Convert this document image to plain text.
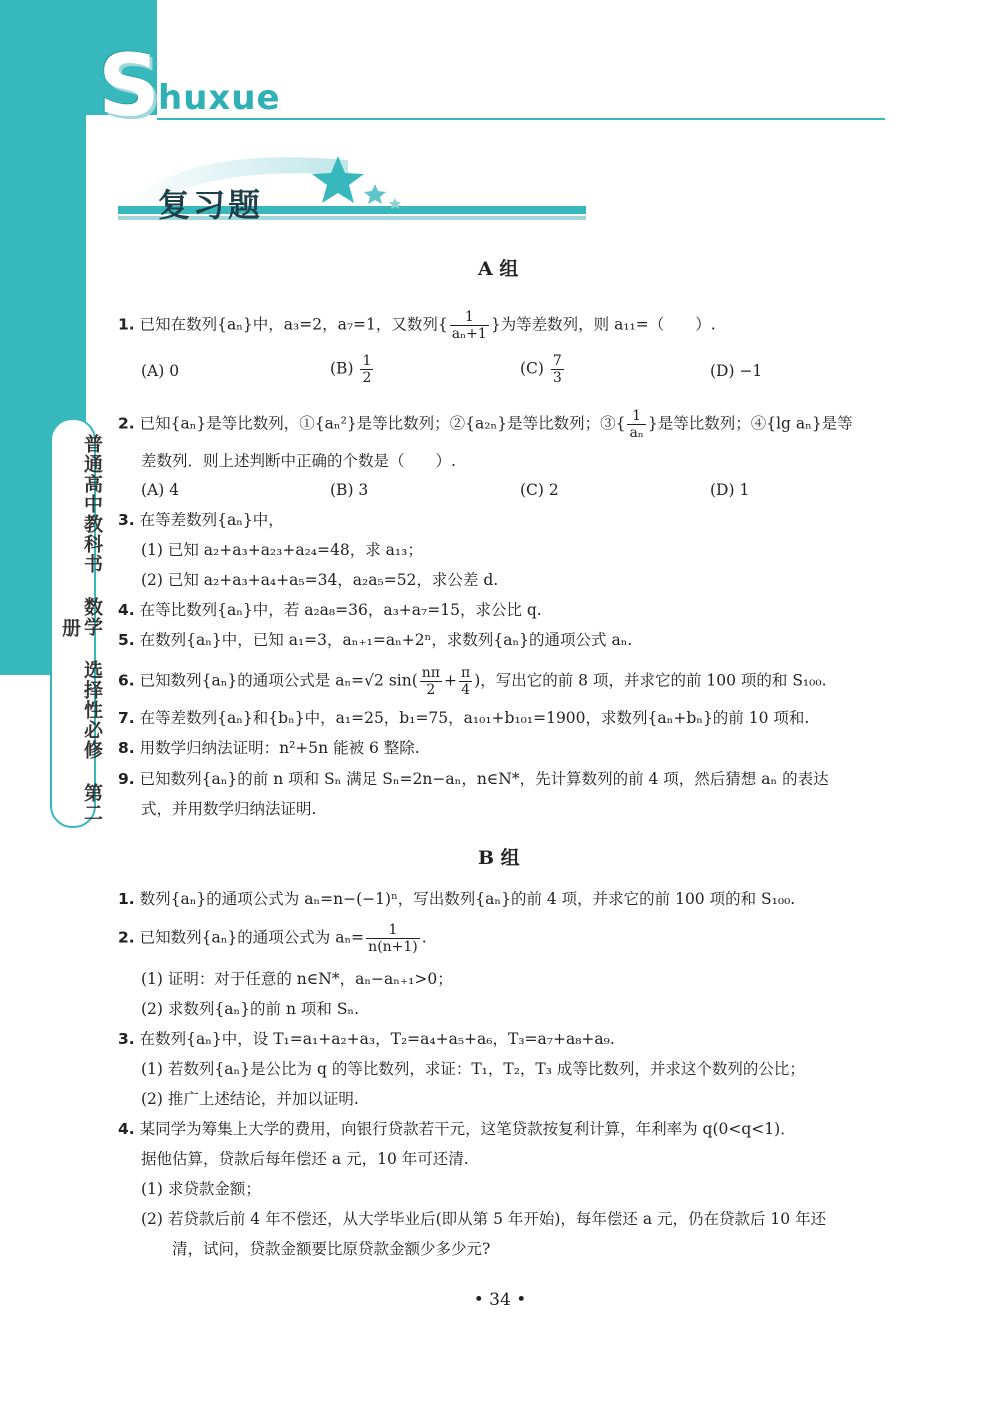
S
huxue
复习题
普通高中教科书 数学 选择性必修 第二册
A 组
1. 已知在数列{aₙ}中，a₃=2，a₇=1，又数列{ $\frac{1}{\text{aₙ+1}}$ }为等差数列，则 a₁₁=（　　）.
(A) 0	$(B) \frac{1}{2}$	$(C) \frac{7}{3}$	(D) −1
2. 已知{aₙ}是等比数列，①{aₙ²}是等比数列；②{a₂ₙ}是等比数列；③{ $\frac{1}{\text{aₙ}}$ }是等比数列；④{lg aₙ}是等
差数列．则上述判断中正确的个数是（　　）.
(A) 4	(B) 3	(C) 2	(D) 1
3. 在等差数列{aₙ}中，
(1) 已知 a₂+a₃+a₂₃+a₂₄=48，求 a₁₃；
(2) 已知 a₂+a₃+a₄+a₅=34，a₂a₅=52，求公差 d.
4. 在等比数列{aₙ}中，若 a₂a₈=36，a₃+a₇=15，求公比 q.
5. 在数列{aₙ}中，已知 a₁=3，aₙ₊₁=aₙ+2ⁿ，求数列{aₙ}的通项公式 aₙ.
6. 已知数列{aₙ}的通项公式是 aₙ=√2 $\sin( \frac{n\pi}{2} + \frac{\pi}{4}$ )，写出它的前 8 项，并求它的前 100 项的和 S₁₀₀.
7. 在等差数列{aₙ}和{bₙ}中，a₁=25，b₁=75，a₁₀₁+b₁₀₁=1900，求数列{aₙ+bₙ}的前 10 项和.
8. 用数学归纳法证明：n²+5n 能被 6 整除.
9. 已知数列{aₙ}的前 n 项和 Sₙ 满足 Sₙ=2n−aₙ，n∈N*，先计算数列的前 4 项，然后猜想 aₙ 的表达
式，并用数学归纳法证明.
B 组
1. 数列{aₙ}的通项公式为 aₙ=n−(−1)ⁿ，写出数列{aₙ}的前 4 项，并求它的前 100 项的和 S₁₀₀.
2. 已知数列{aₙ}的通项公式为 $a_n= \frac{1}{n(n+1)}$ .
(1) 证明：对于任意的 n∈N*，aₙ−aₙ₊₁>0；
(2) 求数列{aₙ}的前 n 项和 Sₙ.
3. 在数列{aₙ}中，设 T₁=a₁+a₂+a₃，T₂=a₄+a₅+a₆，T₃=a₇+a₈+a₉.
(1) 若数列{aₙ}是公比为 q 的等比数列，求证：T₁，T₂，T₃ 成等比数列，并求这个数列的公比；
(2) 推广上述结论，并加以证明.
4. 某同学为筹集上大学的费用，向银行贷款若干元，这笔贷款按复利计算，年利率为 q(0<q<1)．
据他估算，贷款后每年偿还 a 元，10 年可还清.
(1) 求贷款金额；
(2) 若贷款后前 4 年不偿还，从大学毕业后(即从第 5 年开始)，每年偿还 a 元，仍在贷款后 10 年还
清，试问，贷款金额要比原贷款金额少多少元?
• 34 •
